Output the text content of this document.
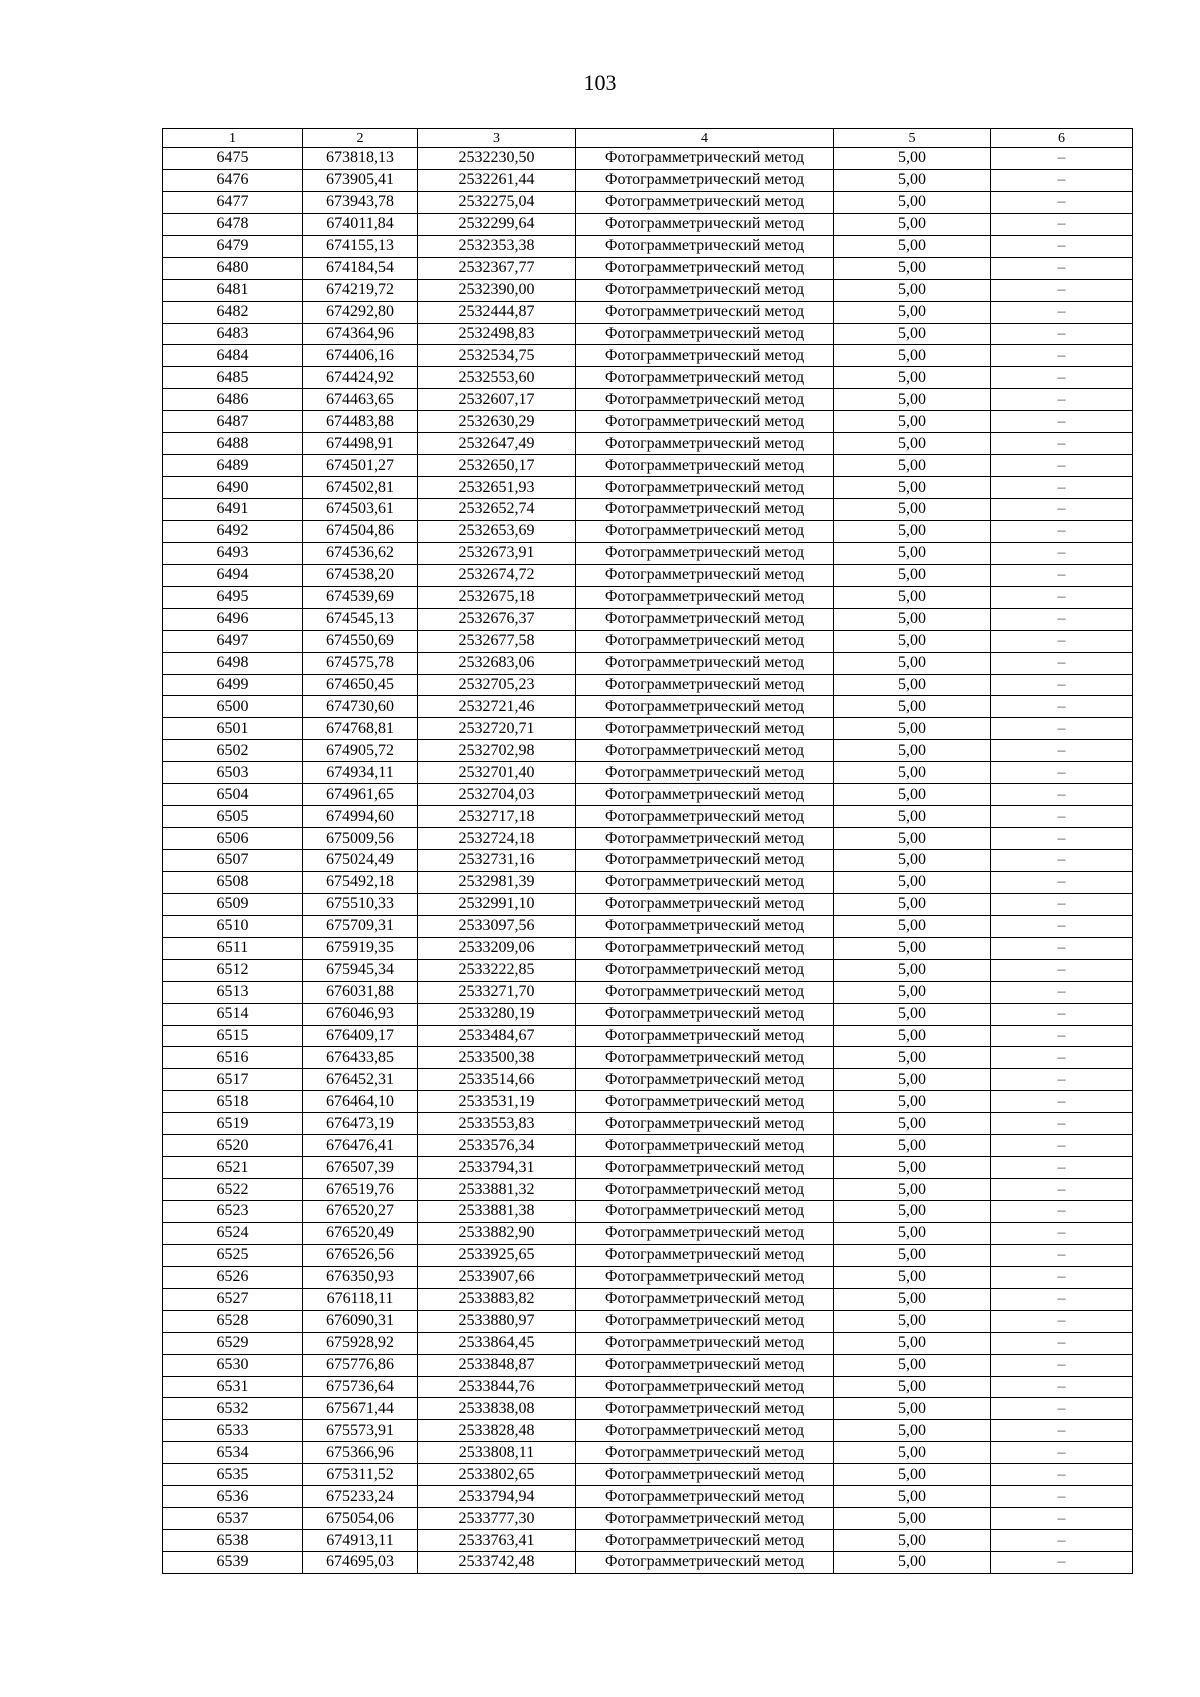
103
1	2	3	4	5	6
6475	673818,13	2532230,50	Фотограмметрический метод	5,00	–
6476	673905,41	2532261,44	Фотограмметрический метод	5,00	–
6477	673943,78	2532275,04	Фотограмметрический метод	5,00	–
6478	674011,84	2532299,64	Фотограмметрический метод	5,00	–
6479	674155,13	2532353,38	Фотограмметрический метод	5,00	–
6480	674184,54	2532367,77	Фотограмметрический метод	5,00	–
6481	674219,72	2532390,00	Фотограмметрический метод	5,00	–
6482	674292,80	2532444,87	Фотограмметрический метод	5,00	–
6483	674364,96	2532498,83	Фотограмметрический метод	5,00	–
6484	674406,16	2532534,75	Фотограмметрический метод	5,00	–
6485	674424,92	2532553,60	Фотограмметрический метод	5,00	–
6486	674463,65	2532607,17	Фотограмметрический метод	5,00	–
6487	674483,88	2532630,29	Фотограмметрический метод	5,00	–
6488	674498,91	2532647,49	Фотограмметрический метод	5,00	–
6489	674501,27	2532650,17	Фотограмметрический метод	5,00	–
6490	674502,81	2532651,93	Фотограмметрический метод	5,00	–
6491	674503,61	2532652,74	Фотограмметрический метод	5,00	–
6492	674504,86	2532653,69	Фотограмметрический метод	5,00	–
6493	674536,62	2532673,91	Фотограмметрический метод	5,00	–
6494	674538,20	2532674,72	Фотограмметрический метод	5,00	–
6495	674539,69	2532675,18	Фотограмметрический метод	5,00	–
6496	674545,13	2532676,37	Фотограмметрический метод	5,00	–
6497	674550,69	2532677,58	Фотограмметрический метод	5,00	–
6498	674575,78	2532683,06	Фотограмметрический метод	5,00	–
6499	674650,45	2532705,23	Фотограмметрический метод	5,00	–
6500	674730,60	2532721,46	Фотограмметрический метод	5,00	–
6501	674768,81	2532720,71	Фотограмметрический метод	5,00	–
6502	674905,72	2532702,98	Фотограмметрический метод	5,00	–
6503	674934,11	2532701,40	Фотограмметрический метод	5,00	–
6504	674961,65	2532704,03	Фотограмметрический метод	5,00	–
6505	674994,60	2532717,18	Фотограмметрический метод	5,00	–
6506	675009,56	2532724,18	Фотограмметрический метод	5,00	–
6507	675024,49	2532731,16	Фотограмметрический метод	5,00	–
6508	675492,18	2532981,39	Фотограмметрический метод	5,00	–
6509	675510,33	2532991,10	Фотограмметрический метод	5,00	–
6510	675709,31	2533097,56	Фотограмметрический метод	5,00	–
6511	675919,35	2533209,06	Фотограмметрический метод	5,00	–
6512	675945,34	2533222,85	Фотограмметрический метод	5,00	–
6513	676031,88	2533271,70	Фотограмметрический метод	5,00	–
6514	676046,93	2533280,19	Фотограмметрический метод	5,00	–
6515	676409,17	2533484,67	Фотограмметрический метод	5,00	–
6516	676433,85	2533500,38	Фотограмметрический метод	5,00	–
6517	676452,31	2533514,66	Фотограмметрический метод	5,00	–
6518	676464,10	2533531,19	Фотограмметрический метод	5,00	–
6519	676473,19	2533553,83	Фотограмметрический метод	5,00	–
6520	676476,41	2533576,34	Фотограмметрический метод	5,00	–
6521	676507,39	2533794,31	Фотограмметрический метод	5,00	–
6522	676519,76	2533881,32	Фотограмметрический метод	5,00	–
6523	676520,27	2533881,38	Фотограмметрический метод	5,00	–
6524	676520,49	2533882,90	Фотограмметрический метод	5,00	–
6525	676526,56	2533925,65	Фотограмметрический метод	5,00	–
6526	676350,93	2533907,66	Фотограмметрический метод	5,00	–
6527	676118,11	2533883,82	Фотограмметрический метод	5,00	–
6528	676090,31	2533880,97	Фотограмметрический метод	5,00	–
6529	675928,92	2533864,45	Фотограмметрический метод	5,00	–
6530	675776,86	2533848,87	Фотограмметрический метод	5,00	–
6531	675736,64	2533844,76	Фотограмметрический метод	5,00	–
6532	675671,44	2533838,08	Фотограмметрический метод	5,00	–
6533	675573,91	2533828,48	Фотограмметрический метод	5,00	–
6534	675366,96	2533808,11	Фотограмметрический метод	5,00	–
6535	675311,52	2533802,65	Фотограмметрический метод	5,00	–
6536	675233,24	2533794,94	Фотограмметрический метод	5,00	–
6537	675054,06	2533777,30	Фотограмметрический метод	5,00	–
6538	674913,11	2533763,41	Фотограмметрический метод	5,00	–
6539	674695,03	2533742,48	Фотограмметрический метод	5,00	–
